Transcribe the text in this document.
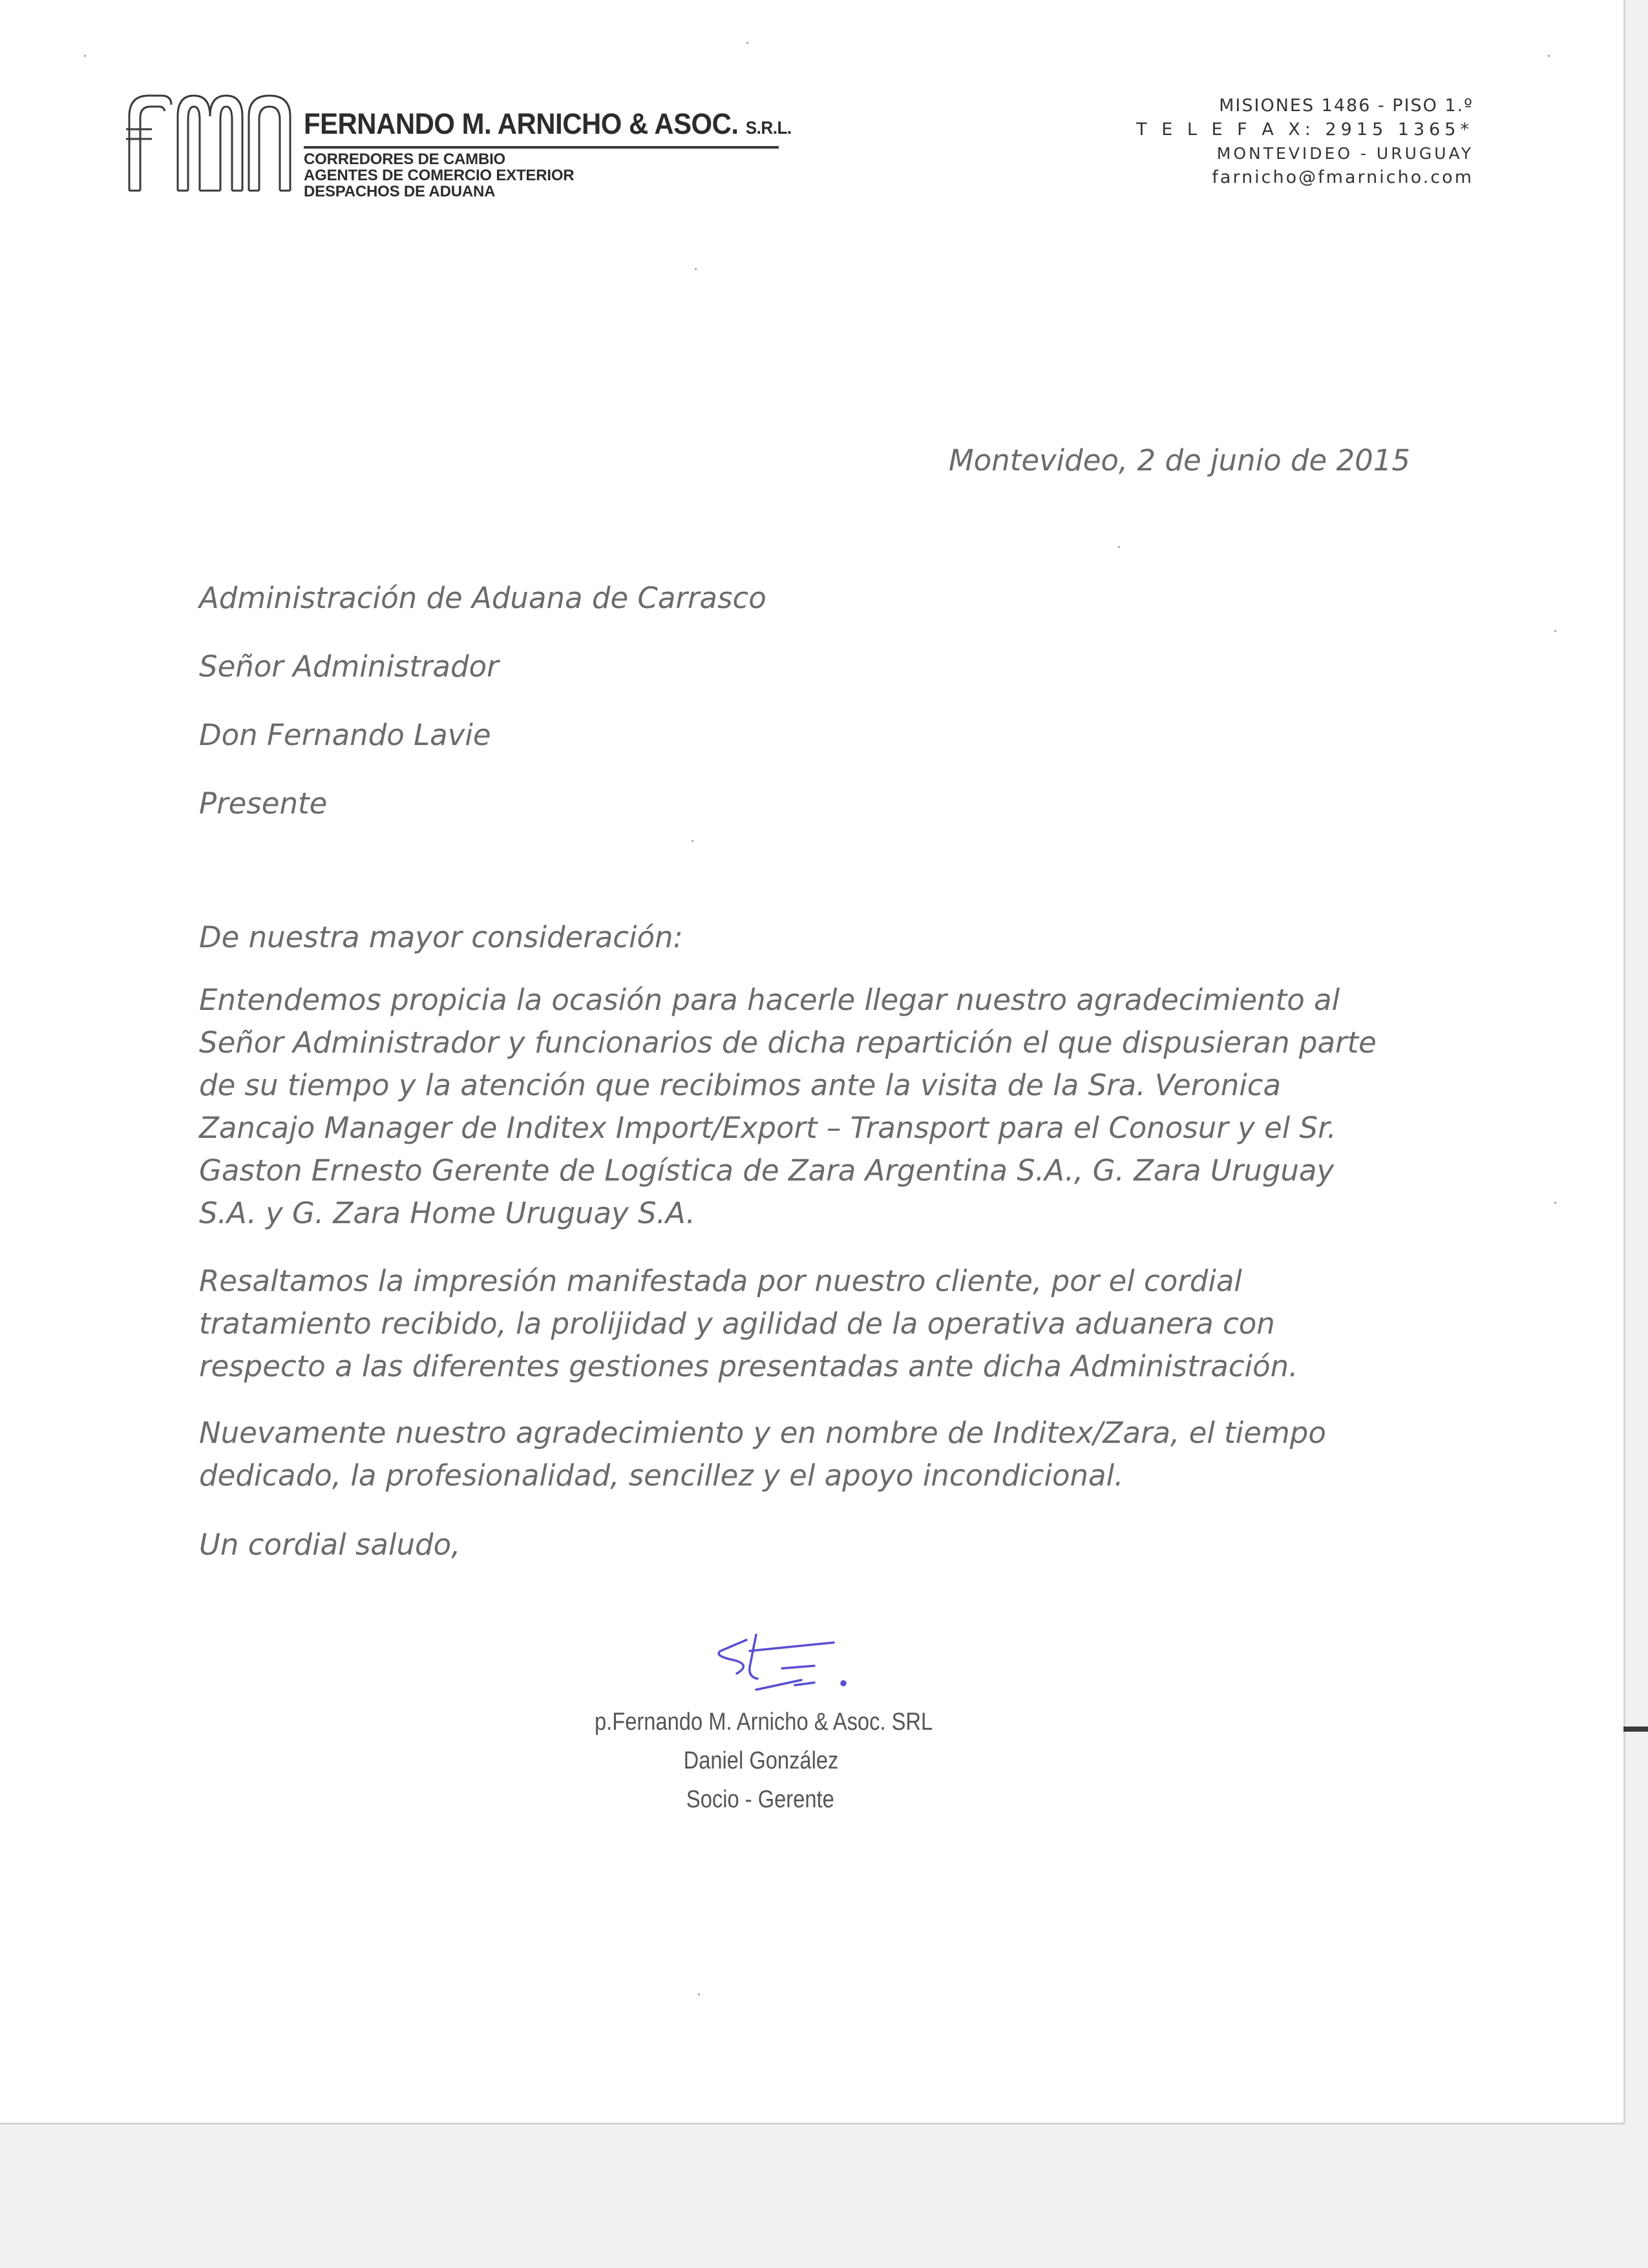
FERNANDO M. ARNICHO & ASOC. S.R.L.
CORREDORES DE CAMBIO
AGENTES DE COMERCIO EXTERIOR
DESPACHOS DE ADUANA
MISIONES 1486 - PISO 1.º
T E L E F A X: 2915 1365*
MONTEVIDEO - URUGUAY
farnicho@fmarnicho.com
Montevideo, 2 de junio de 2015
Administración de Aduana de Carrasco
Señor Administrador
Don Fernando Lavie
Presente
De nuestra mayor consideración:
Entendemos propicia la ocasión para hacerle llegar nuestro agradecimiento al
Señor Administrador y funcionarios de dicha repartición el que dispusieran parte
de su tiempo y la atención que recibimos ante la visita de la Sra. Veronica
Zancajo Manager de Inditex Import/Export – Transport para el Conosur y el Sr.
Gaston Ernesto Gerente de Logística de Zara Argentina S.A., G. Zara Uruguay
S.A. y G. Zara Home Uruguay S.A.
Resaltamos la impresión manifestada por nuestro cliente, por el cordial
tratamiento recibido, la prolijidad y agilidad de la operativa aduanera con
respecto a las diferentes gestiones presentadas ante dicha Administración.
Nuevamente nuestro agradecimiento y en nombre de Inditex/Zara, el tiempo
dedicado, la profesionalidad, sencillez y el apoyo incondicional.
Un cordial saludo,
p.Fernando M. Arnicho & Asoc. SRL
Daniel González
Socio - Gerente
